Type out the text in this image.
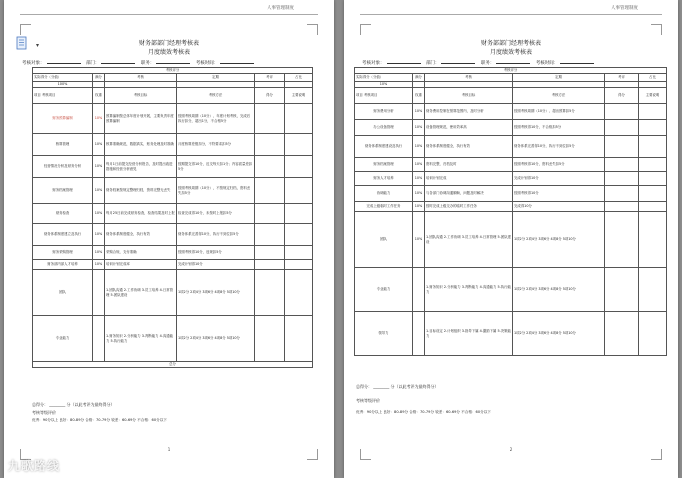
人事管理制度
▾	财务部部门经理考核表
月度绩效考核表
考核对象：	部门：	职务：	考核时间：
考核评分					
实际得分（分值）	满分	考核	定期	考评	占比
100%					
项目 考核项目	权重	考核目标	考核方法	得分	主要说明
财务预算编制	10%	预算编制按总体年度计划开展，主要负责年度预算编制	按照考核周期（10分）、年度计划考核，完成后执行扣分，超出1分，不合格5分		
核算管理	10%	核算准确规范，数据真实，账务处理及时准确	月度核算差错扣分，不符要求扣5分		
经营情况分析及财务分析	10%	每月1日前提交经营分析报告，及时提出改进措施和经营分析意见	按期提交得10分，迟交每天扣1分；内容质量差扣5分		
财务档案管理	10%	财务档案按规定整理归档，资料完整无丢失	按照考核周期（10分），不按规定归档，资料丢失扣5分		
财务检查	10%	每月25日前完成财务检查，检查结果及时上报	检查完成得10分，未按时上报扣5分		
财务体系制度建立及执行	10%	财务体系制度健全，执行有效	财务体系完善得10分，执行不到位扣5分		
财务采购管理	10%	采购合规，支付准确	按照考核得10分，违规扣5分		
财务部内部人才培养	10%	培训计划完成率	完成计划得10分		
团队		1.团队沟通 2.工作协调 3.员工培养 4.日常管理 5.团队建设	1项2分 2项4分 3项6分 4项8分 5项10分		
专业能力		1.财务知识 2.分析能力 3.判断能力 4.沟通能力 5.执行能力	1项2分 2项4分 3项6分 4项8分 5项10分		
总分					
总得分： ________ 分（以此考评为最终得分）
考核等级评价
优秀：90分以上 良好：80-89分 合格：70-79分 较差：60-69分 不合格：60分以下
1
人事管理制度
财务部部门经理考核表
月度绩效考核表
考核对象：	部门：	职务：	考核时间：
考核评分					
实际得分（分值）	满分	考核	定期	考评	占比
10%					
项目 考核项目	权重	考核目标	考核方法	得分	主要说明
财务费用分析	10%	财务费用控制在预算范围内，及时分析	按照考核周期（10分）、超出预算扣5分		
办公设备管理	10%	设备管理规范，使用效率高	按照考核得10分，不合格扣5分		
财务体系制度建设及执行	10%	财务体系制度健全，执行有效	财务体系完善得10分，执行不到位扣5分		
财务档案管理	10%	资料完整，归档及时	按照考核得10分，资料丢失扣5分		
财务人才培养	10%	培训计划完成	完成计划得10分		
协调能力	10%	与各部门协调沟通顺畅，问题及时解决	按照考核得10分		
完成上级临时工作任务	10%	按时完成上级交办的临时工作任务	完成得10分		
团队	10%	1.团队沟通 2.工作协调 3.员工培养 4.日常管理 5.团队建设	1项2分 2项4分 3项6分 4项8分 5项10分		
专业能力		1.财务知识 2.分析能力 3.判断能力 4.沟通能力 5.执行能力	1项2分 2项4分 3项6分 4项8分 5项10分		
领导力		1.目标设定 2.计划组织 3.指导下属 4.激励下属 5.决策能力	1项2分 2项4分 3项6分 4项8分 5项10分		
总得分： ________ 分（以此考评为最终得分）
考核等级评价
优秀：90分以上 良好：80-89分 合格：70-79分 较差：60-69分 不合格：60分以下
2
九歌路线
